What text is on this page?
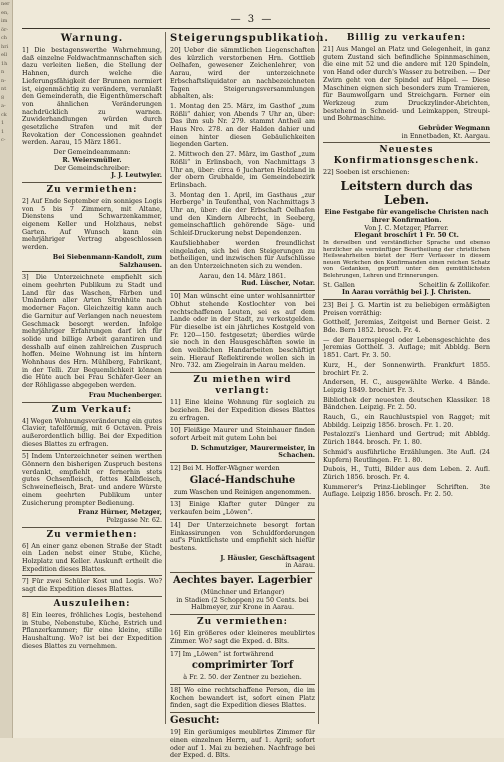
ner
en,
im
ör-
ch
hri
ell
1h
n
n-
nt
8
a-
ck
1
1
c-
— 3 —
Warnung.

1] Die bestagenswerthe Wahrnehmung, daß einzelne Feldwachtmannschaften sich dazu verleiten ließen, die Stellung der Hahnen, durch welche die Lieferungsfähigkeit der Brunnen normiert ist, eigenmächtig zu verändern, veranlaßt den Gemeinderath, die Eigenthümerschaft von ähnlichen Veränderungen nachdrücklich zu warnen. Zuwiderhandlungen würden durch gesetzliche Strafen und mit der Revokation der Concessionen geahndet werden. Aarau, 15 März 1861.

Der Gemeindeammann:
R. Weiersmüller.
Der Gemeindschreiber:
J. J. Leutwyler.
Zu vermiethen:

2] Auf Ende September ein sonniges Logis von 5 bis 7 Zimmern, mit Altane, Dienstens und Schwarzenkammer, eigenem Keller und Holzhaus, nebst Garten. Auf Wunsch kann ein mehrjähriger Vertrag abgeschlossen werden.

Bei Siebenmann-Kandolt, zum Salzhausen.

3] Die Unterzeichnete empfiehlt sich einem geehrten Publikum zu Stadt und Land für das Waschen, Färben und Umändern aller Arten Strohhüte nach moderner Façon. Gleichzeitig kann auch die Garnitur auf Verlangen nach neuestem Geschmack besorgt werden. Infolge mehrjähriger Erfahrungen darf ich für solide und billige Arbeit garantiren und desshalb auf einen zahlreichen Zuspruch hoffen. Meine Wohnung ist im hintern Wohnhaus des Hrn. Mühlberg, Fabrikant, in der Telli. Zur Bequemlichkeit können die Hüte auch bei Frau Schäfer-Geer an der Röhligasse abgegeben werden.

Frau Muchenberger.
Zum Verkauf:

4] Wegen Wohnungsveränderung ein gutes Clavier, tafelförmig, mit 6 Octaven. Preis außerordentlich billig. Bei der Expedition dieses Blattes zu erfragen.

5] Indem Unterzeichneter seinen werthen Gönnern den bisherigen Zuspruch bestens verdankt, empfiehlt er fernerhin stets gutes Ochsenfleisch, fettes Kalbfleisch, Schweinefleisch, Brat- und andere Würste einem geehrten Publikum unter Zusicherung prompter Bedienung.

Franz Hürner, Metzger,
Pelzgasse Nr. 62.
Zu vermiethen:

6] An einer ganz ebenen Straße der Stadt ein Laden nebst einer Stube, Küche, Holzplatz und Keller. Auskunft ertheilt die Expedition dieses Blattes.

7] Für zwei Schüler Kost und Logis. Wo? sagt die Expedition dieses Blattes.

Auszuleihen:

8] Ein leeres, fröhliches Logis, bestehend in Stube, Nebenstube, Küche, Estrich und Pflanzerkammer; für eine kleine, stille Haushaltung. Wo? ist bei der Expedition dieses Blattes zu vernehmen.

Steigerungspublikation.

20] Ueber die sämmtlichen Liegenschaften des kürzlich verstorbenen Hrn. Gottlieb Oelhafen, gewesener Zeichenlehrer, von Aarau, wird der unterzeichnete Erbschaftsliquidator an nachbezeichneten Tagen Steigerungsversammlungen abhalten, als:

1. Montag den 25. März, im Gasthof „zum Rößli“ dahier, von Abends 7 Uhr an, über: Das ihm sub Nr. 279. stammt Antheil am Haus Nro. 278. an der Halden dahier und einen hinter diesen Gebäulichkeiten liegenden Garten.

2. Mittwoch den 27. März, im Gasthof „zum Rößli“ in Erlinsbach, von Nachmittags 3 Uhr an, über: circa 6 Jucharten Holzland in der obern Grubhalde, im Gemeindebezirk Erlinsbach.

3. Montag den 1. April, im Gasthaus „zur Herberge“ in Teufenthal, von Nachmittags 3 Uhr an, über: die der Erbschaft Oelhafen und den Kindern Albrecht, in Seeberg, gemeinschaftlich gehörende Säge- und Schleif-Druckerung nebst Dependenzen.

Kaufsliebhaber werden freundlichst eingeladen, sich bei den Steigerungen zu betheiligen, und inzwischen für Aufschlüsse an den Unterzeichneten sich zu wenden.

Aarau, den 14. März 1861.
Rud. Lüscher, Notar.

10] Man wünscht eine unter wohlsannirtter Obhut stehende Kostlochter von bei rechtschaffenen Leuten, sei es auf dem Lande oder in der Stadt, zu verkostgelden. Für dieselbe ist ein jährliches Kostgeld von Fr. 120—150. festgesetzt; überdies würde sie noch in den Hausgeschäften sowie in den weiblichen Handarbeiten beschäftigt sein. Hierauf Reflektirende wollen sich in Nro. 732. am Ziegelrain in Aarau melden.

Zu miethen wird verlangt:

11] Eine kleine Wohnung für sogleich zu beziehen. Bei der Expedition dieses Blattes zu erfragen.

10] Fleißige Maurer und Steinhauer finden sofort Arbeit mit gutem Lohn bei

D. Schmutziger, Maurermeister, in Schachen.

12] Bei M. Hoffer-Wägner werden

Glacé-Handschuhe

zum Waschen und Reinigen angenommen.

13] Einige Klafter guter Dünger zu verkaufen beim „Löwen“.

14] Der Unterzeichnete besorgt fortan Einkassirungen von Schuldforderungen auf's Pünktlichste und empfiehlt sich hiefür bestens.

J. Häusler, Geschäftsagent
in Aarau.
Aechtes bayer. Lagerbier
(Münchner und Erlanger)

in Stadien (2 Schoppen) zu 50 Cents. bei Halbmeyer, zur Krone in Aarau.

Zu vermiethen:

16] Ein größeres oder kleineres meublirtes Zimmer. Wo? sagt die Exped. d. Blts.

17] Im „Löwen“ ist fortwährend

comprimirter Torf

à Fr. 2. 50. der Zentner zu beziehen.

18] Wo eine rechtschaffene Person, die im Kochen bewandert ist, sofort einen Platz finden, sagt die Expedition dieses Blattes.

Gesucht:

19] Ein geräumiges meublirtes Zimmer für einen einzelnen Herrn, auf 1. April; sofort oder auf 1. Mai zu beziehen. Nachfrage bei der Exped. d. Blts.

Billig zu verkaufen:

21] Aus Mangel an Platz und Gelegenheit, in ganz gutem Zustand sich befindliche Spinnmaschinen, die eine mit 52 und die andere mit 120 Spindeln, von Hand oder durch's Wasser zu betreiben. — Der Zwirn geht von der Spindel auf Häpel. — Diese Maschinen eignen sich besonders zum Tramieren, für Baumwollgarn und Streichgarn. Ferner ein Werkzeug zum Druckzylinder-Abrichten, bestehend in Schneid- und Leimkappen, Streupi- und Bohrmaschine.

Gebrüder Wegmann
in Ennetbaden, Kt. Aargau.
Neuestes Konfirmationsgeschenk.

22] Soeben ist erschienen:

Leitstern durch das Leben.
Eine Festgabe für evangelische Christen nach ihrer Konfirmation.
Von J. C. Metzger, Pfarrer.
Elegant broschirt 1 Fr. 50 Ct.

In derselben und verständlicher Sprache und ebenso herzlicher als vernünftiger Beurtheilung der christlichen Heilswahrheiten bietet der Herr Verfasser in diesem neuen Werkchen den Konfirmanden einen reichen Schatz von Gedanken, geprüft unter den gemüthlichsten Belehrungen, Lehren und Erinnerungen.

St. Gallen	Scheitlin & Zollikofer.
In Aarau vorräthig bei J. J. Christen.

23] Bei J. G. Martin ist zu beliebigen ermäßigten Preisen vorräthig:

Gotthelf, Jeremias, Zeitgeist und Berner Geist. 2 Bde. Bern 1852. brosch. Fr. 4.

— der Bauernspiegel oder Lebensgeschichte des Jeremias Gotthelf. 3. Auflage; mit Abbldg. Bern 1851. Cart. Fr. 3. 50.

Kurz, H., der Sonnenwirth. Frankfurt 1855. brochirt Fr. 2.

Andersen, H. C., ausgewählte Werke. 4 Bände. Leipzig 1849. brochirt Fr. 3.

Bibliothek der neuesten deutschen Klassiker. 18 Bändchen. Leipzig. Fr. 2. 50.

Rauch, G., ein Rauchlustspiel von Ragget; mit Abbildg. Leipzig 1856. brosch. Fr. 1. 20.

Pestalozzi's Lienhard und Gertrud; mit Abbldg. Zürich 1844. brosch. Fr. 1. 80.

Schmid's ausführliche Erzählungen. 3te Aufl. (24 Kupfern) Reutlingen. Fr. 1. 80.

Dubois, H., Tutti, Bilder aus dem Leben. 2. Aufl. Zürich 1856. brosch. Fr. 4.

Kummerer's Prinz-Lieblinger Schriften. 3te Auflage. Leipzig 1856. brosch. Fr. 2. 50.
